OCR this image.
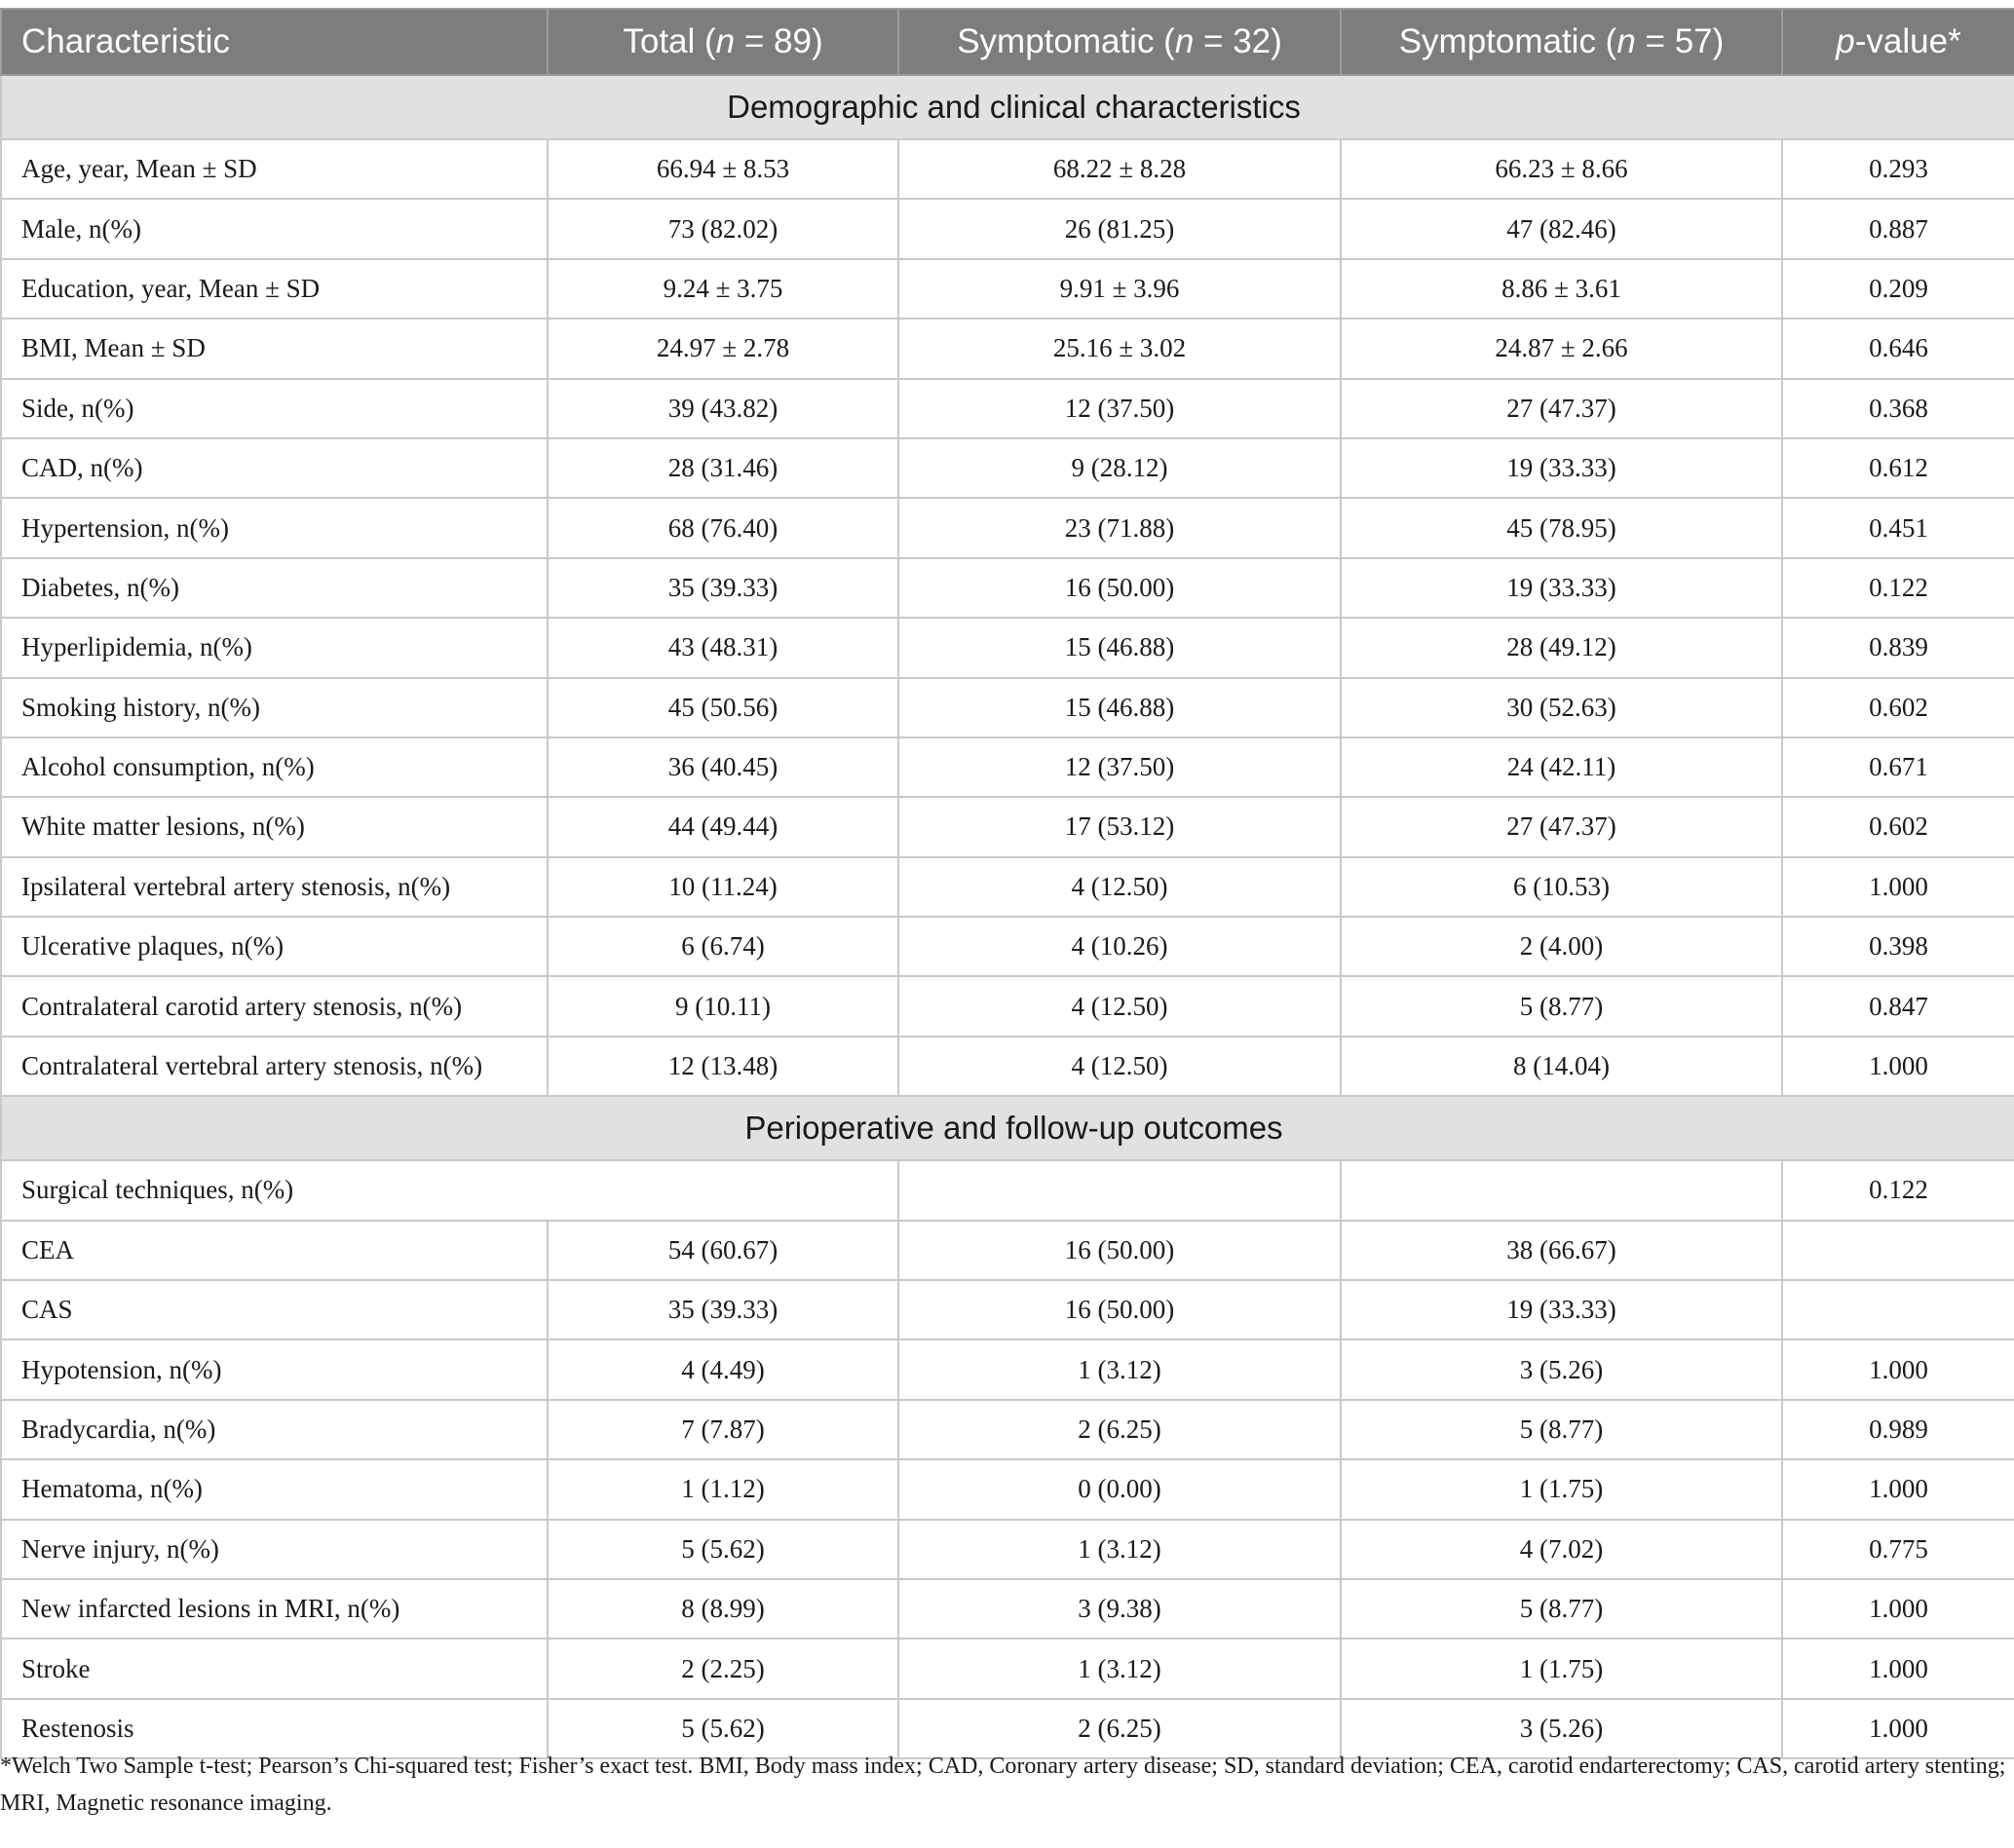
Characteristic	Total (n = 89)	Symptomatic (n = 32)	Symptomatic (n = 57)	p-value*
Demographic and clinical characteristics				
Age, year, Mean ± SD	66.94 ± 8.53	68.22 ± 8.28	66.23 ± 8.66	0.293
Male, n(%)	73 (82.02)	26 (81.25)	47 (82.46)	0.887
Education, year, Mean ± SD	9.24 ± 3.75	9.91 ± 3.96	8.86 ± 3.61	0.209
BMI, Mean ± SD	24.97 ± 2.78	25.16 ± 3.02	24.87 ± 2.66	0.646
Side, n(%)	39 (43.82)	12 (37.50)	27 (47.37)	0.368
CAD, n(%)	28 (31.46)	9 (28.12)	19 (33.33)	0.612
Hypertension, n(%)	68 (76.40)	23 (71.88)	45 (78.95)	0.451
Diabetes, n(%)	35 (39.33)	16 (50.00)	19 (33.33)	0.122
Hyperlipidemia, n(%)	43 (48.31)	15 (46.88)	28 (49.12)	0.839
Smoking history, n(%)	45 (50.56)	15 (46.88)	30 (52.63)	0.602
Alcohol consumption, n(%)	36 (40.45)	12 (37.50)	24 (42.11)	0.671
White matter lesions, n(%)	44 (49.44)	17 (53.12)	27 (47.37)	0.602
Ipsilateral vertebral artery stenosis, n(%)	10 (11.24)	4 (12.50)	6 (10.53)	1.000
Ulcerative plaques, n(%)	6 (6.74)	4 (10.26)	2 (4.00)	0.398
Contralateral carotid artery stenosis, n(%)	9 (10.11)	4 (12.50)	5 (8.77)	0.847
Contralateral vertebral artery stenosis, n(%)	12 (13.48)	4 (12.50)	8 (14.04)	1.000
Perioperative and follow-up outcomes				
Surgical techniques, n(%)				0.122
CEA	54 (60.67)	16 (50.00)	38 (66.67)	
CAS	35 (39.33)	16 (50.00)	19 (33.33)	
Hypotension, n(%)	4 (4.49)	1 (3.12)	3 (5.26)	1.000
Bradycardia, n(%)	7 (7.87)	2 (6.25)	5 (8.77)	0.989
Hematoma, n(%)	1 (1.12)	0 (0.00)	1 (1.75)	1.000
Nerve injury, n(%)	5 (5.62)	1 (3.12)	4 (7.02)	0.775
New infarcted lesions in MRI, n(%)	8 (8.99)	3 (9.38)	5 (8.77)	1.000
Stroke	2 (2.25)	1 (3.12)	1 (1.75)	1.000
Restenosis	5 (5.62)	2 (6.25)	3 (5.26)	1.000

*Welch Two Sample t-test; Pearson’s Chi-squared test; Fisher’s exact test. BMI, Body mass index; CAD, Coronary artery disease; SD, standard deviation; CEA, carotid endarterectomy; CAS, carotid artery stenting; MRI, Magnetic resonance imaging.
